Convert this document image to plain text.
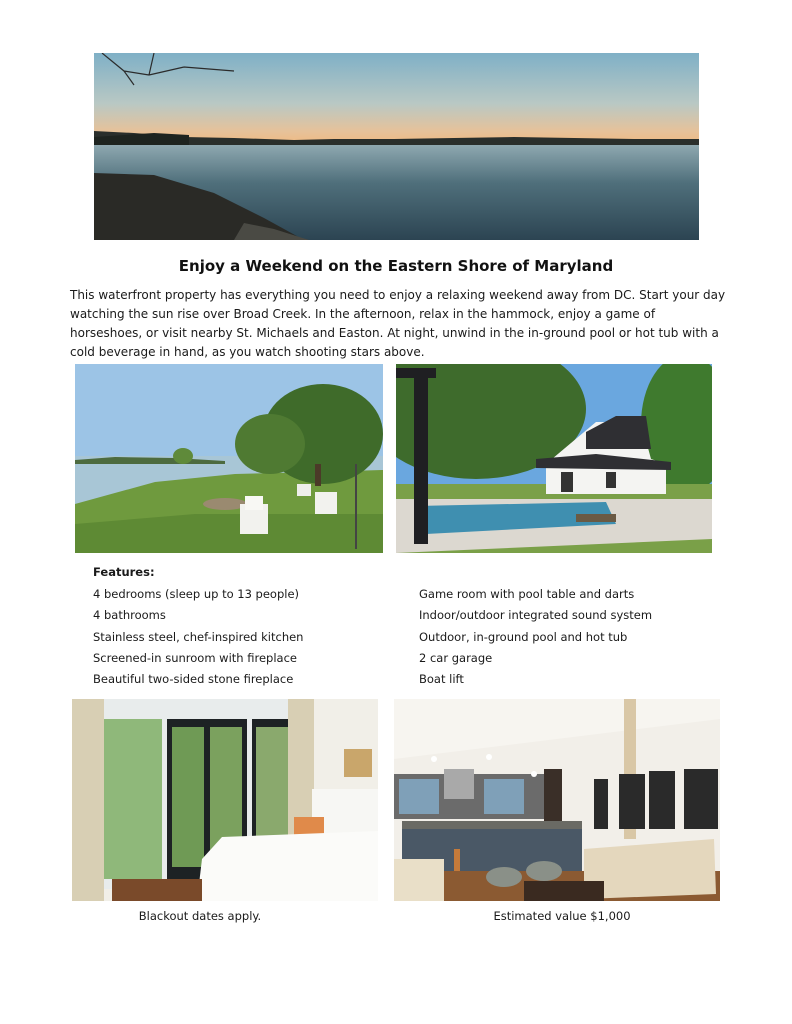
Enjoy a Weekend on the Eastern Shore of Maryland
This waterfront property has everything you need to enjoy a relaxing weekend away from DC. Start your day watching the sun rise over Broad Creek. In the afternoon, relax in the hammock, enjoy a game of horseshoes, or visit nearby St. Michaels and Easton. At night, unwind in the in-ground pool or hot tub with a cold beverage in hand, as you watch shooting stars above.
Features:
4 bedrooms (sleep up to 13 people)
4 bathrooms
Stainless steel, chef-inspired kitchen
Screened-in sunroom with fireplace
Beautiful two-sided stone fireplace
Game room with pool table and darts
Indoor/outdoor integrated sound system
Outdoor, in-ground pool and hot tub
2 car garage
Boat lift
Blackout dates apply.	Estimated value $1,000
